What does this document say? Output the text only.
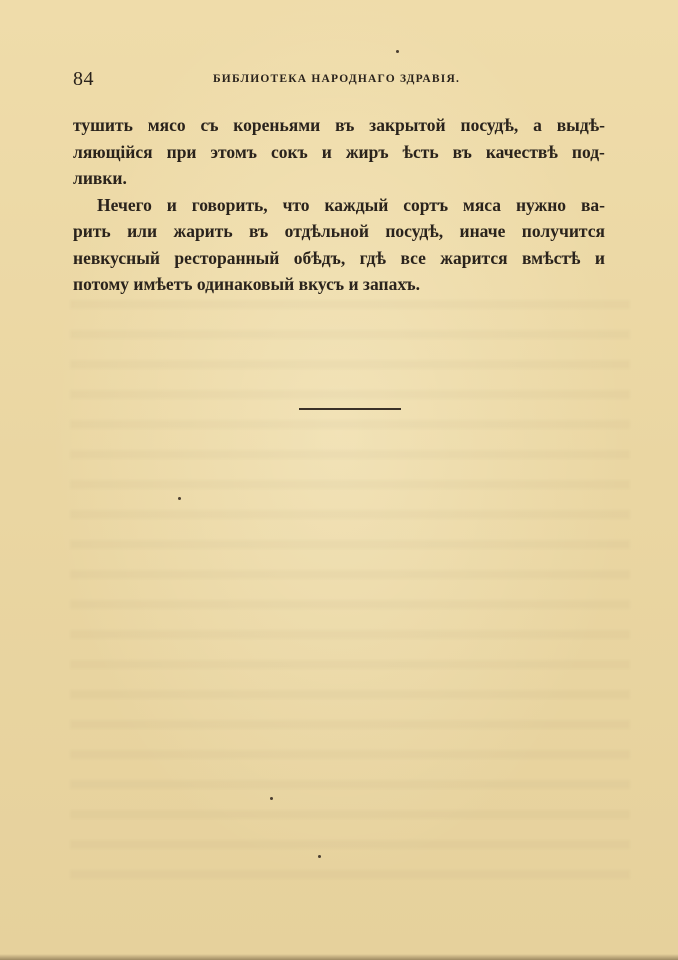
84	БИБЛИОТЕКА НАРОДНАГО ЗДРАВІЯ.
тушить мясо съ кореньями въ закрытой посудѣ, а выдѣ-
ляющійся при этомъ сокъ и жиръ ѣсть въ качествѣ под-
ливки.
Нечего и говорить, что каждый сортъ мяса нужно ва-
рить или жарить въ отдѣльной посудѣ, иначе получится
невкусный ресторанный обѣдъ, гдѣ все жарится вмѣстѣ и
потому имѣетъ одинаковый вкусъ и запахъ.
